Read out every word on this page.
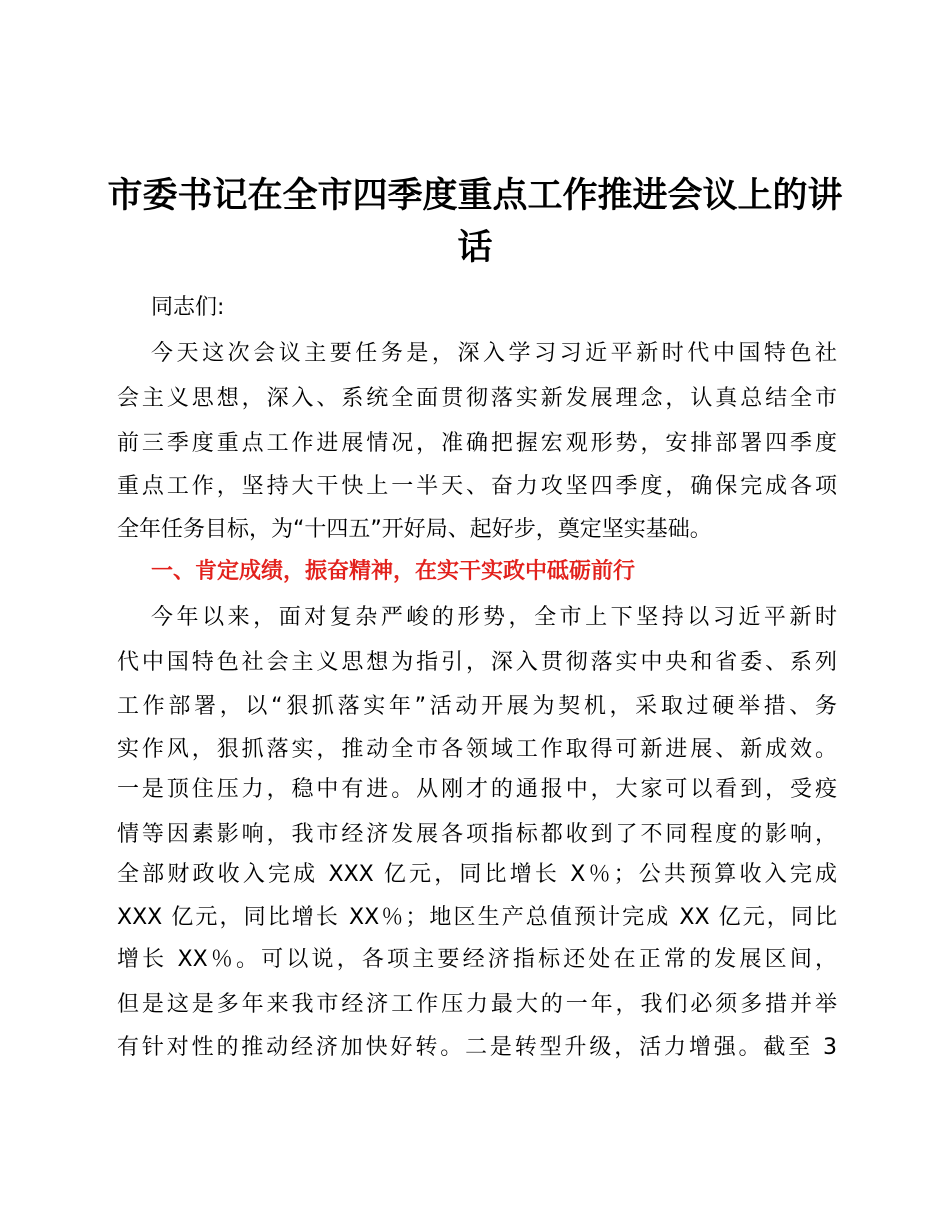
市委书记在全市四季度重点工作推进会议上的讲
话

同志们:

今天这次会议主要任务是，深入学习习近平新时代中国特色社

会主义思想，深入、系统全面贯彻落实新发展理念，认真总结全市

前三季度重点工作进展情况，准确把握宏观形势，安排部署四季度

重点工作，坚持大干快上一半天、奋力攻坚四季度，确保完成各项

全年任务目标，为“十四五”开好局、起好步，奠定坚实基础。

一、肯定成绩，振奋精神，在实干实政中砥砺前行

今年以来，面对复杂严峻的形势，全市上下坚持以习近平新时

代中国特色社会主义思想为指引，深入贯彻落实中央和省委、系列

工作部署，以“狠抓落实年”活动开展为契机，采取过硬举措、务

实作风，狠抓落实，推动全市各领域工作取得可新进展、新成效。

一是顶住压力，稳中有进。从刚才的通报中，大家可以看到，受疫

情等因素影响，我市经济发展各项指标都收到了不同程度的影响，

全部财政收入完成 XXX 亿元，同比增长 X％；公共预算收入完成

XXX 亿元，同比增长 XX％；地区生产总值预计完成 XX 亿元，同比

增长 XX％。可以说，各项主要经济指标还处在正常的发展区间，

但是这是多年来我市经济工作压力最大的一年，我们必须多措并举

有针对性的推动经济加快好转。二是转型升级，活力增强。截至 3
